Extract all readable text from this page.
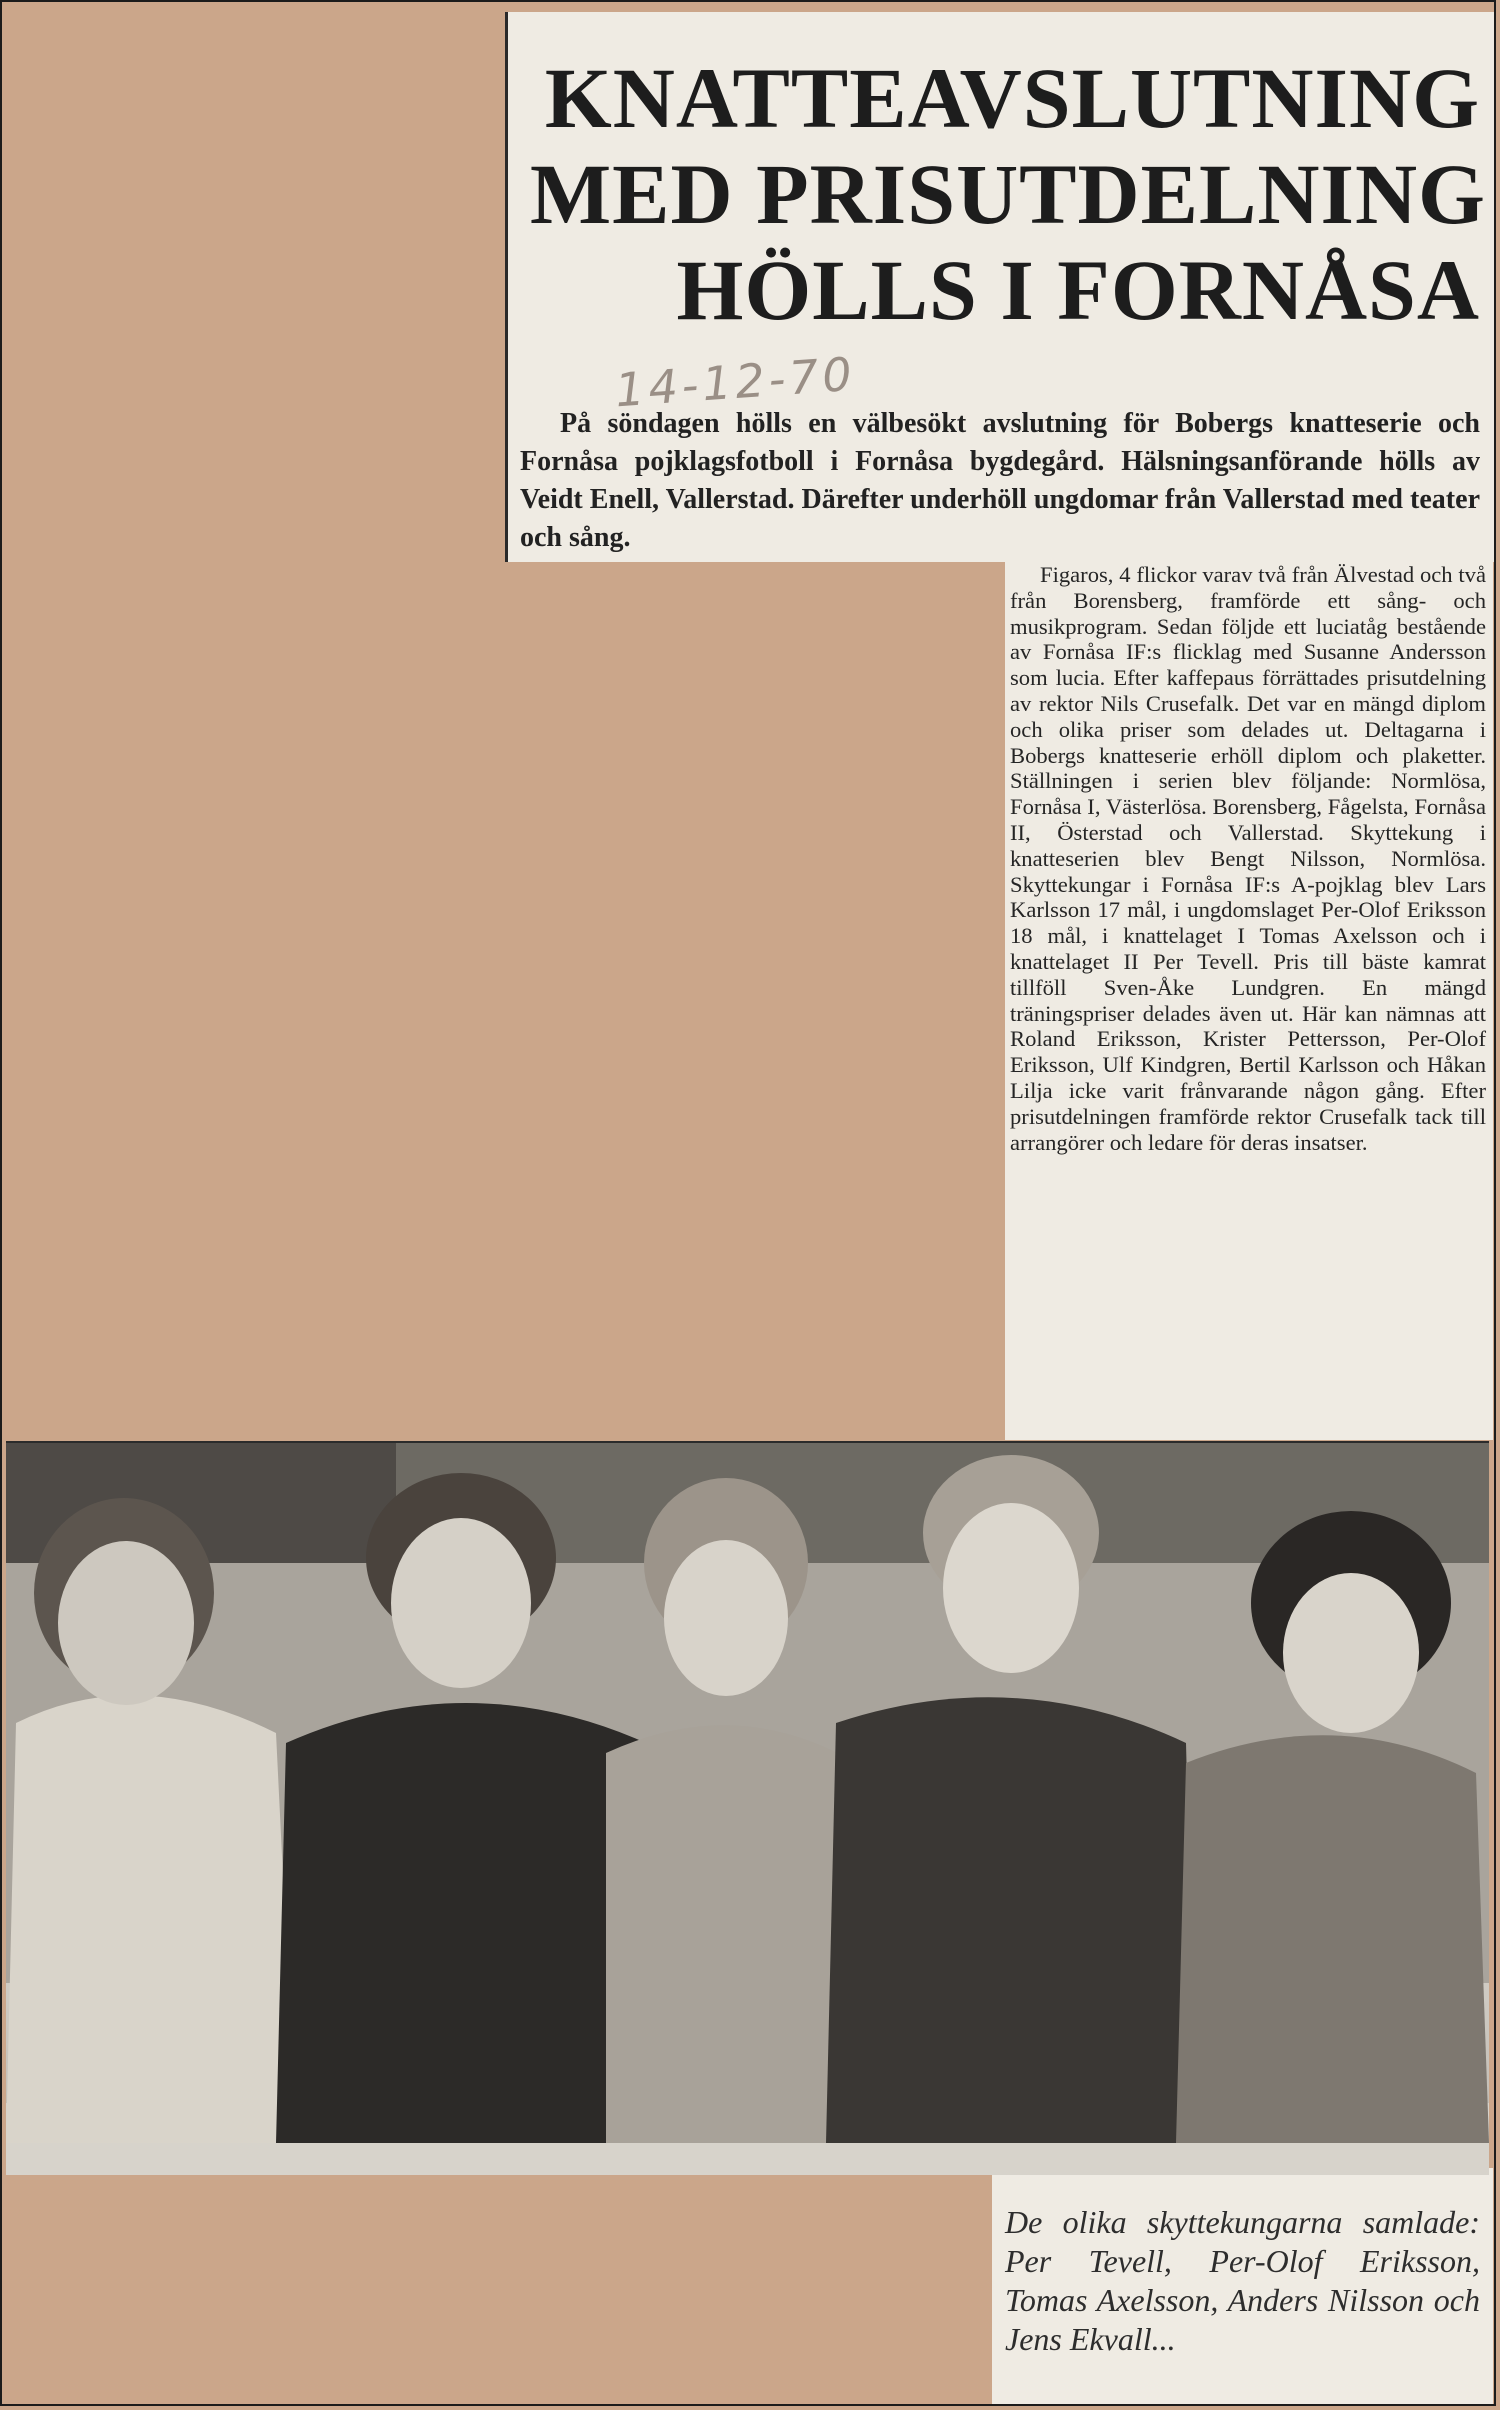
KNATTEAVSLUTNING
MED PRISUTDELNING
HÖLLS I FORNÅSA
14-12-70
På söndagen hölls en välbesökt avslutning för Bobergs knatteserie och Fornåsa pojklagsfotboll i Fornåsa bygdegård. Hälsningsanförande hölls av Veidt Enell, Vallerstad. Därefter underhöll ungdomar från Vallerstad med teater och sång.
Figaros, 4 flickor varav två från Älvestad och två från Borensberg, framförde ett sång- och musikprogram. Sedan följde ett luciatåg bestående av Fornåsa IF:s flicklag med Susanne Andersson som lucia. Efter kaffepaus förrättades prisutdelning av rektor Nils Crusefalk. Det var en mängd diplom och olika priser som delades ut. Deltagarna i Bobergs knatteserie erhöll diplom och plaketter. Ställningen i serien blev följande: Normlösa, Fornåsa I, Västerlösa. Borensberg, Fågelsta, Fornåsa II, Österstad och Vallerstad. Skyttekung i knatteserien blev Bengt Nilsson, Normlösa. Skyttekungar i Fornåsa IF:s A-pojklag blev Lars Karlsson 17 mål, i ungdomslaget Per-Olof Eriksson 18 mål, i knattelaget I Tomas Axelsson och i knattelaget II Per Tevell. Pris till bäste kamrat tillföll Sven-Åke Lundgren. En mängd träningspriser delades även ut. Här kan nämnas att Roland Eriksson, Krister Pettersson, Per-Olof Eriksson, Ulf Kindgren, Bertil Karlsson och Håkan Lilja icke varit frånvarande någon gång. Efter prisutdelningen framförde rektor Crusefalk tack till arrangörer och ledare för deras insatser.
De olika skyttekungarna samlade: Per Tevell, Per-Olof Eriksson, Tomas Axelsson, Anders Nilsson och Jens Ekvall...
